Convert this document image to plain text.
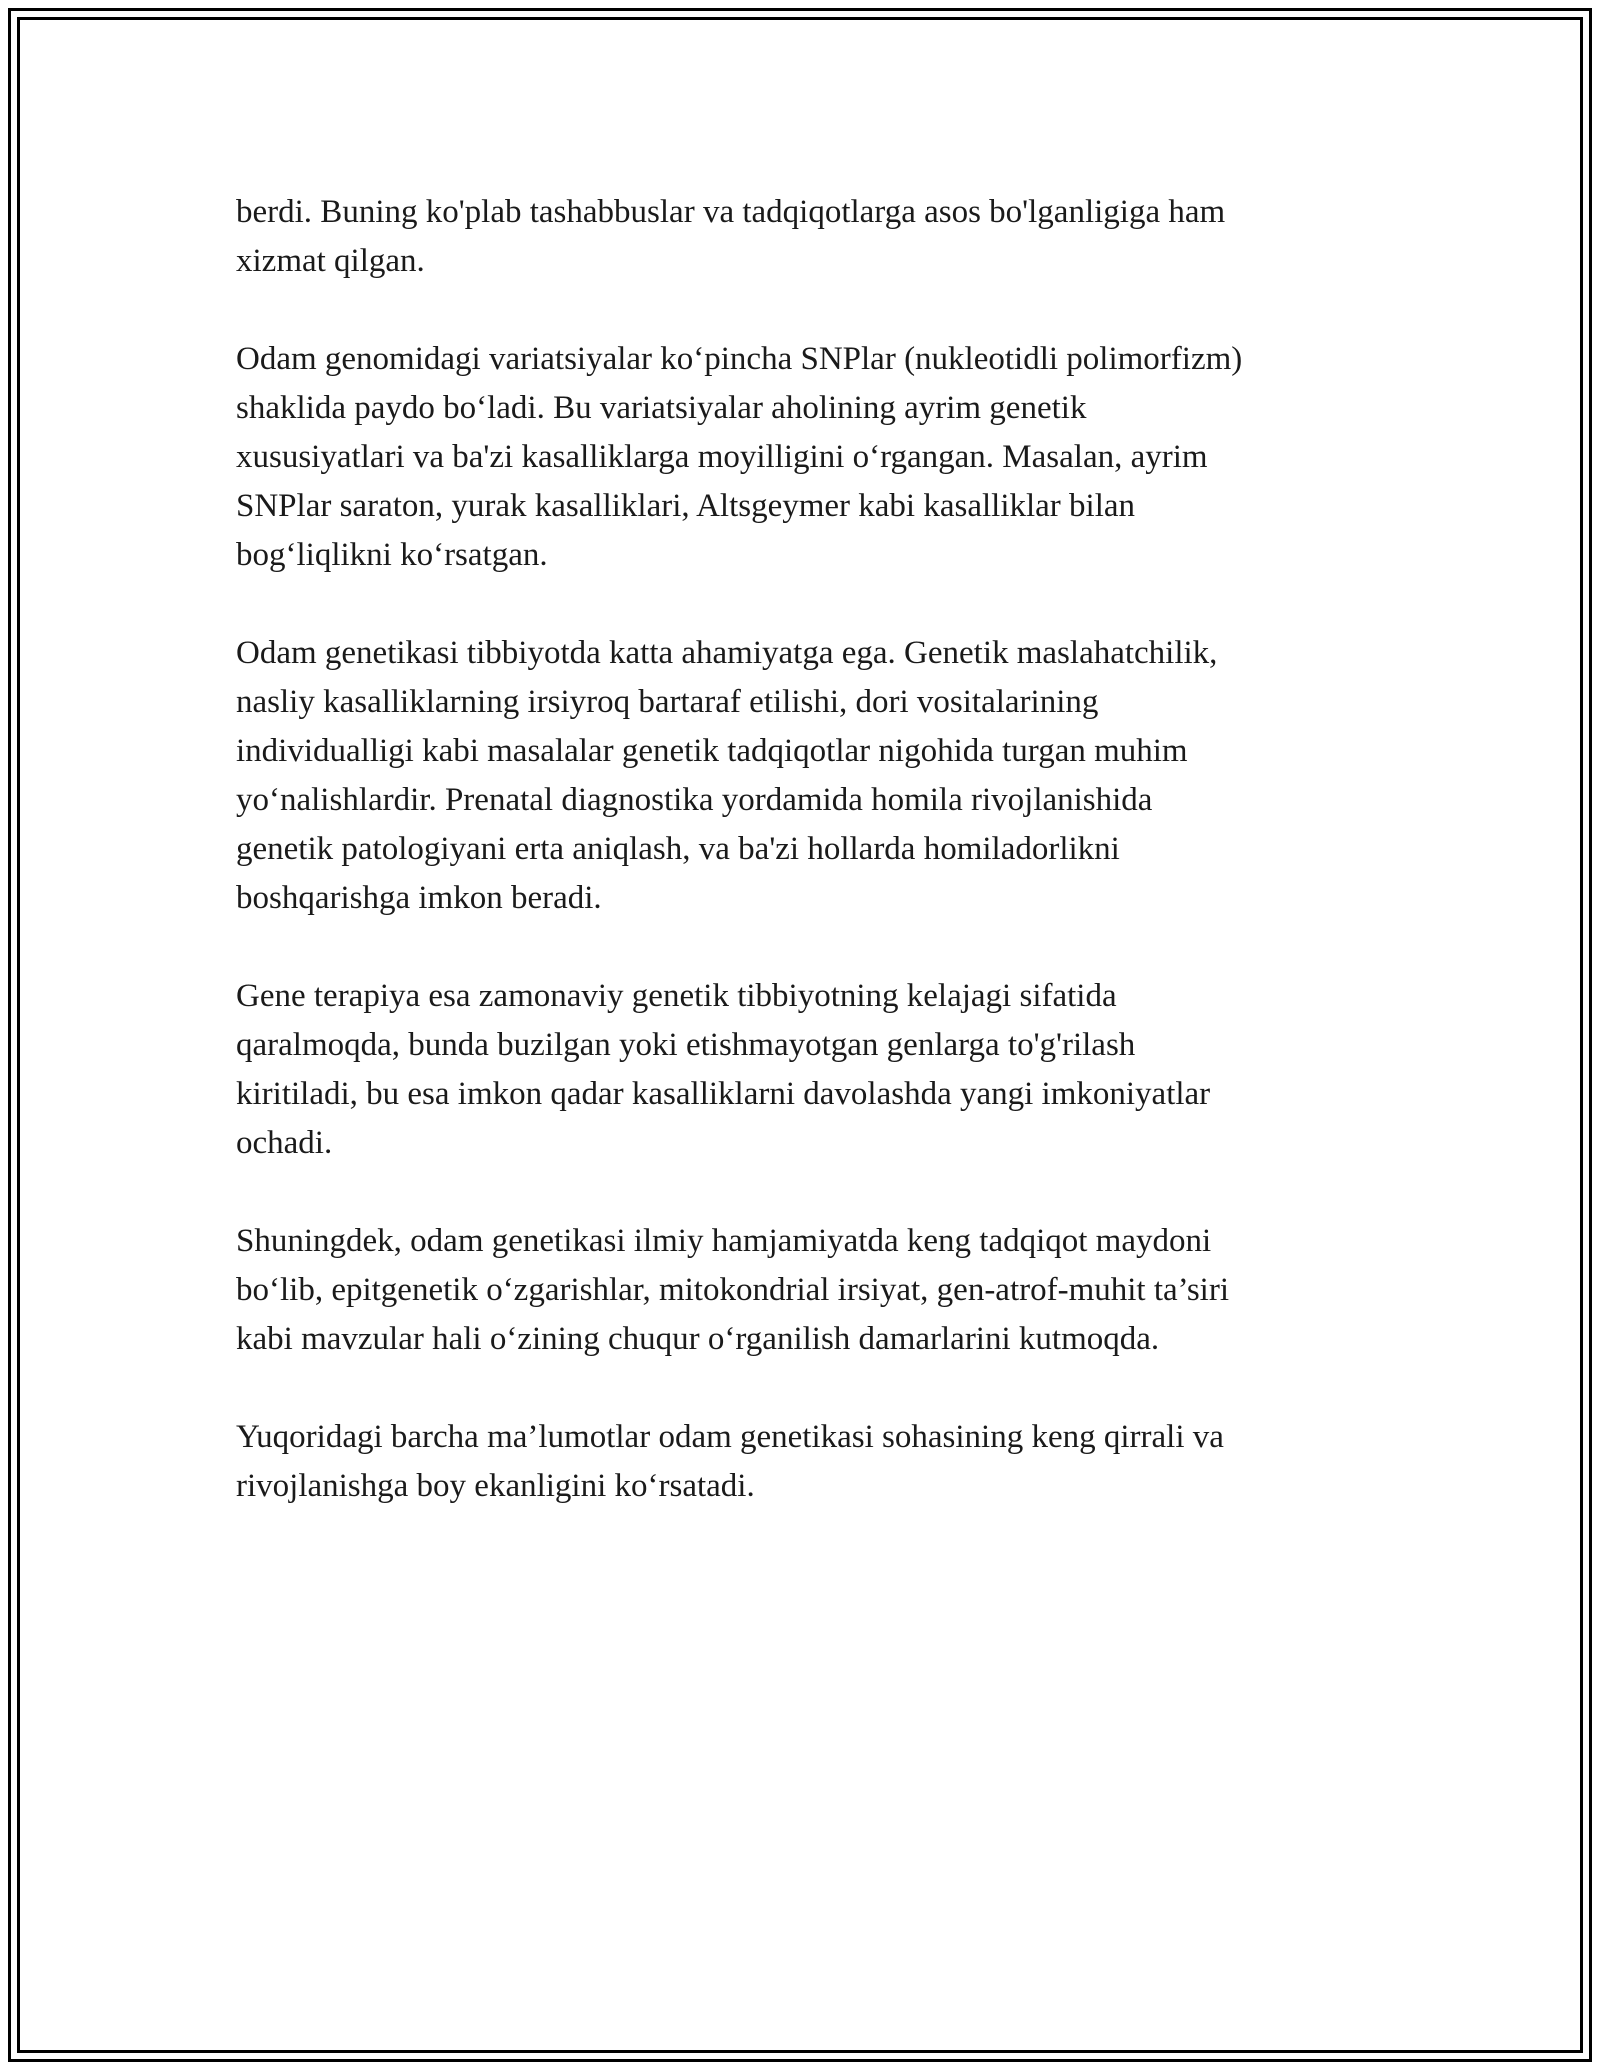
berdi. Buning ko'plab tashabbuslar va tadqiqotlarga asos bo'lganligiga ham
xizmat qilgan.

Odam genomidagi variatsiyalar ko‘pincha SNPlar (nukleotidli polimorfizm)
shaklida paydo bo‘ladi. Bu variatsiyalar aholining ayrim genetik
xususiyatlari va ba'zi kasalliklarga moyilligini o‘rgangan. Masalan, ayrim
SNPlar saraton, yurak kasalliklari, Altsgeymer kabi kasalliklar bilan
bog‘liqlikni ko‘rsatgan.

Odam genetikasi tibbiyotda katta ahamiyatga ega. Genetik maslahatchilik,
nasliy kasalliklarning irsiyroq bartaraf etilishi, dori vositalarining
individualligi kabi masalalar genetik tadqiqotlar nigohida turgan muhim
yo‘nalishlardir. Prenatal diagnostika yordamida homila rivojlanishida
genetik patologiyani erta aniqlash, va ba'zi hollarda homiladorlikni
boshqarishga imkon beradi.

Gene terapiya esa zamonaviy genetik tibbiyotning kelajagi sifatida
qaralmoqda, bunda buzilgan yoki etishmayotgan genlarga to'g'rilash
kiritiladi, bu esa imkon qadar kasalliklarni davolashda yangi imkoniyatlar
ochadi.

Shuningdek, odam genetikasi ilmiy hamjamiyatda keng tadqiqot maydoni
bo‘lib, epitgenetik o‘zgarishlar, mitokondrial irsiyat, gen-atrof-muhit ta’siri
kabi mavzular hali o‘zining chuqur o‘rganilish damarlarini kutmoqda.

Yuqoridagi barcha ma’lumotlar odam genetikasi sohasining keng qirrali va
rivojlanishga boy ekanligini ko‘rsatadi.
